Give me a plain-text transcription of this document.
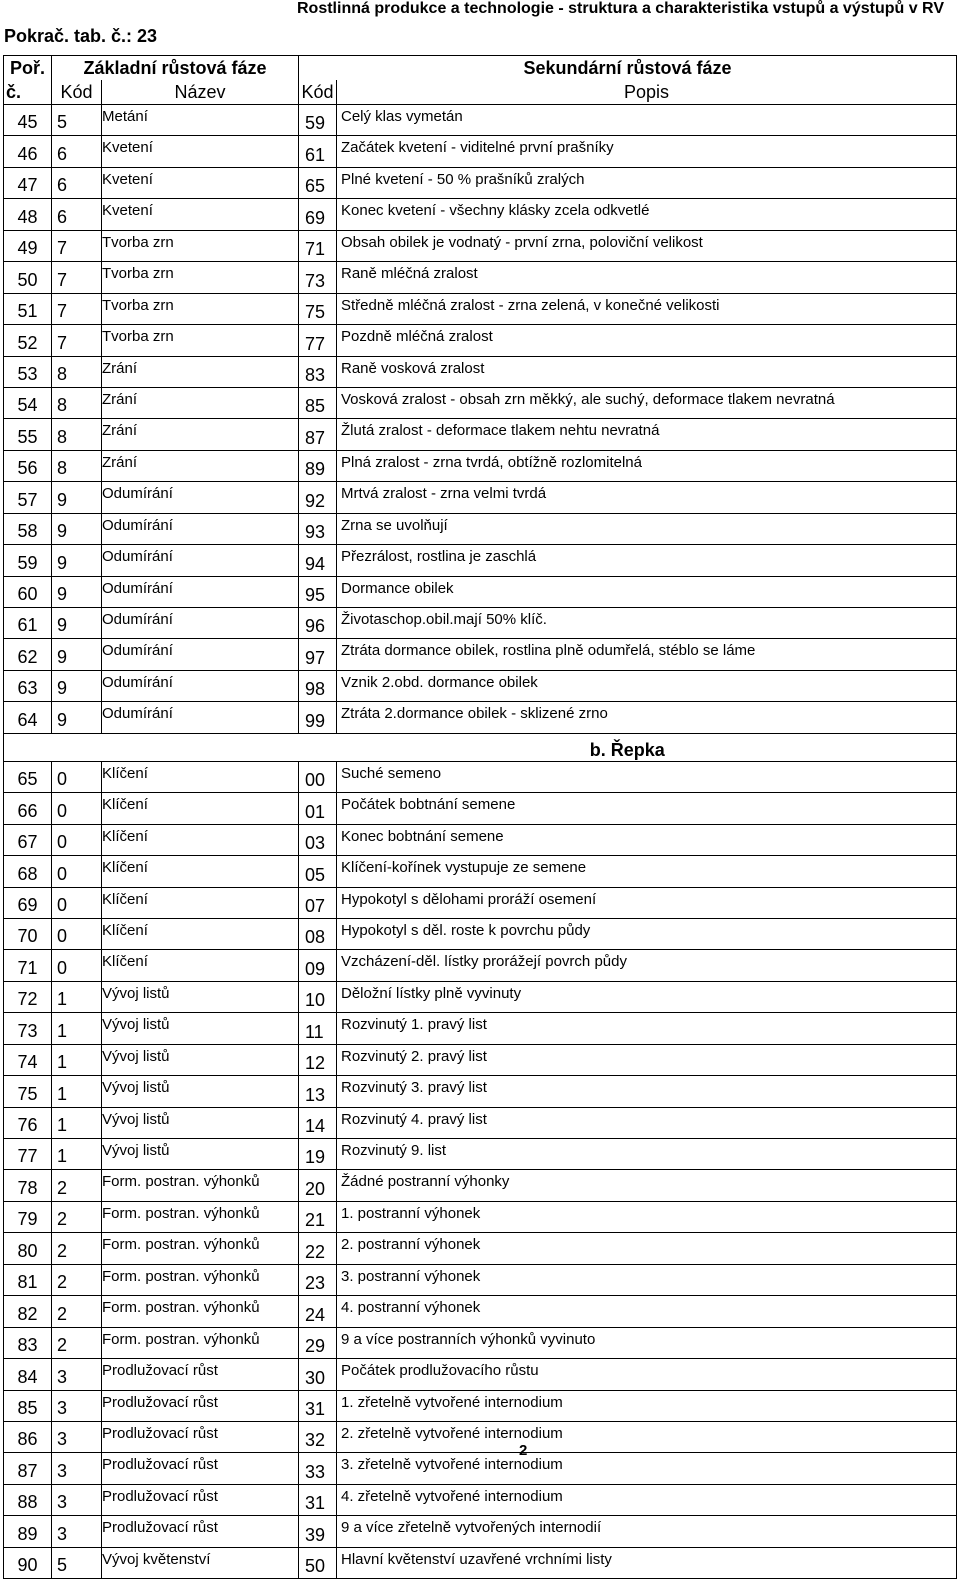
Rostlinná produkce a technologie - struktura a charakteristika vstupů a výstupů v RV
Pokrač. tab. č.: 23
Poř.	Základní růstová fáze		Sekundární růstová fáze	
č.	Kód	Název	Kód	Popis
45	5	Metání	59	Celý klas vymetán
46	6	Kvetení	61	Začátek kvetení - viditelné první prašníky
47	6	Kvetení	65	Plné kvetení - 50 % prašníků zralých
48	6	Kvetení	69	Konec kvetení - všechny klásky zcela odkvetlé
49	7	Tvorba zrn	71	Obsah obilek je vodnatý - první zrna, poloviční velikost
50	7	Tvorba zrn	73	Raně mléčná zralost
51	7	Tvorba zrn	75	Středně mléčná zralost - zrna zelená, v konečné velikosti
52	7	Tvorba zrn	77	Pozdně mléčná zralost
53	8	Zrání	83	Raně vosková zralost
54	8	Zrání	85	Vosková zralost - obsah zrn měkký, ale suchý, deformace tlakem nevratná
55	8	Zrání	87	Žlutá zralost - deformace tlakem nehtu nevratná
56	8	Zrání	89	Plná zralost - zrna tvrdá, obtížně rozlomitelná
57	9	Odumírání	92	Mrtvá zralost - zrna velmi tvrdá
58	9	Odumírání	93	Zrna se uvolňují
59	9	Odumírání	94	Přezrálost, rostlina je zaschlá
60	9	Odumírání	95	Dormance obilek
61	9	Odumírání	96	Životaschop.obil.mají 50% klíč.
62	9	Odumírání	97	Ztráta dormance obilek, rostlina plně odumřelá, stéblo se láme
63	9	Odumírání	98	Vznik 2.obd. dormance obilek
64	9	Odumírání	99	Ztráta 2.dormance obilek - sklizené zrno
			b. Řepka	
65	0	Klíčení	00	Suché semeno
66	0	Klíčení	01	Počátek bobtnání semene
67	0	Klíčení	03	Konec bobtnání semene
68	0	Klíčení	05	Klíčení-kořínek vystupuje ze semene
69	0	Klíčení	07	Hypokotyl s dělohami proráží osemení
70	0	Klíčení	08	Hypokotyl s děl. roste k povrchu půdy
71	0	Klíčení	09	Vzcházení-děl. lístky prorážejí povrch půdy
72	1	Vývoj listů	10	Děložní lístky plně vyvinuty
73	1	Vývoj listů	11	Rozvinutý 1. pravý list
74	1	Vývoj listů	12	Rozvinutý 2. pravý list
75	1	Vývoj listů	13	Rozvinutý 3. pravý list
76	1	Vývoj listů	14	Rozvinutý 4. pravý list
77	1	Vývoj listů	19	Rozvinutý 9. list
78	2	Form. postran. výhonků	20	Žádné postranní výhonky
79	2	Form. postran. výhonků	21	1. postranní výhonek
80	2	Form. postran. výhonků	22	2. postranní výhonek
81	2	Form. postran. výhonků	23	3. postranní výhonek
82	2	Form. postran. výhonků	24	4. postranní výhonek
83	2	Form. postran. výhonků	29	9 a více postranních výhonků vyvinuto
84	3	Prodlužovací růst	30	Počátek prodlužovacího růstu
85	3	Prodlužovací růst	31	1. zřetelně vytvořené internodium
86	3	Prodlužovací růst	32	2. zřetelně vytvořené internodium
87	3	Prodlužovací růst	33	3. zřetelně vytvořené internodium
88	3	Prodlužovací růst	31	4. zřetelně vytvořené internodium
89	3	Prodlužovací růst	39	9 a více zřetelně vytvořených internodií
90	5	Vývoj květenství	50	Hlavní květenství uzavřené vrchními listy
2
